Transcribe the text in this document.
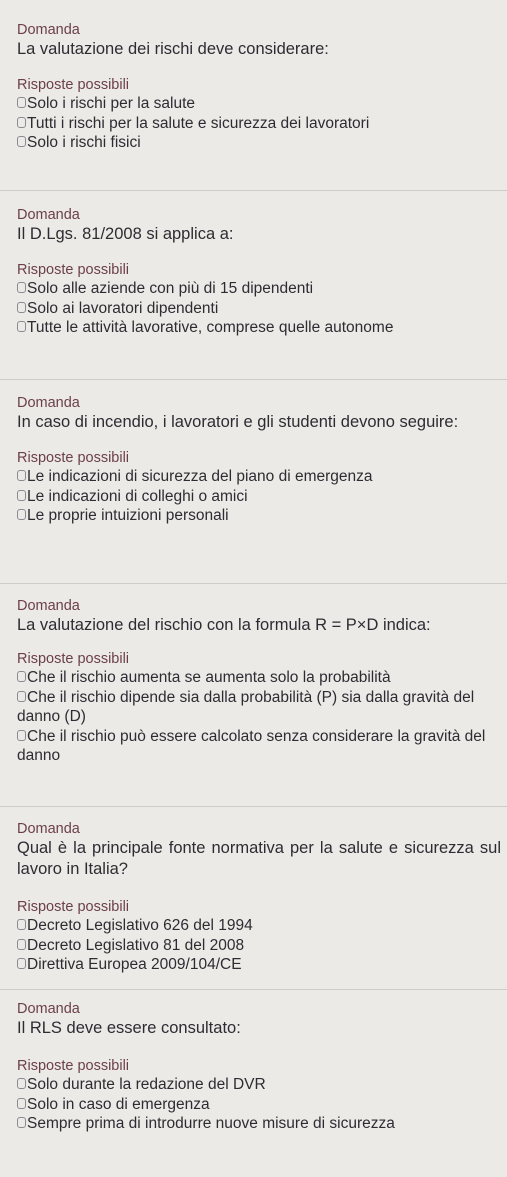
Domanda
La valutazione dei rischi deve considerare:
Risposte possibili
Solo i rischi per la salute
Tutti i rischi per la salute e sicurezza dei lavoratori
Solo i rischi fisici
Domanda
Il D.Lgs. 81/2008 si applica a:
Risposte possibili
Solo alle aziende con più di 15 dipendenti
Solo ai lavoratori dipendenti
Tutte le attività lavorative, comprese quelle autonome
Domanda
In caso di incendio, i lavoratori e gli studenti devono seguire:
Risposte possibili
Le indicazioni di sicurezza del piano di emergenza
Le indicazioni di colleghi o amici
Le proprie intuizioni personali
Domanda
La valutazione del rischio con la formula R = P×D indica:
Risposte possibili
Che il rischio aumenta se aumenta solo la probabilità
Che il rischio dipende sia dalla probabilità (P) sia dalla gravità del danno (D)
Che il rischio può essere calcolato senza considerare la gravità del danno
Domanda
Qual è la principale fonte normativa per la salute e sicurezza sul lavoro in Italia?
Risposte possibili
Decreto Legislativo 626 del 1994
Decreto Legislativo 81 del 2008
Direttiva Europea 2009/104/CE
Domanda
Il RLS deve essere consultato:
Risposte possibili
Solo durante la redazione del DVR
Solo in caso di emergenza
Sempre prima di introdurre nuove misure di sicurezza
